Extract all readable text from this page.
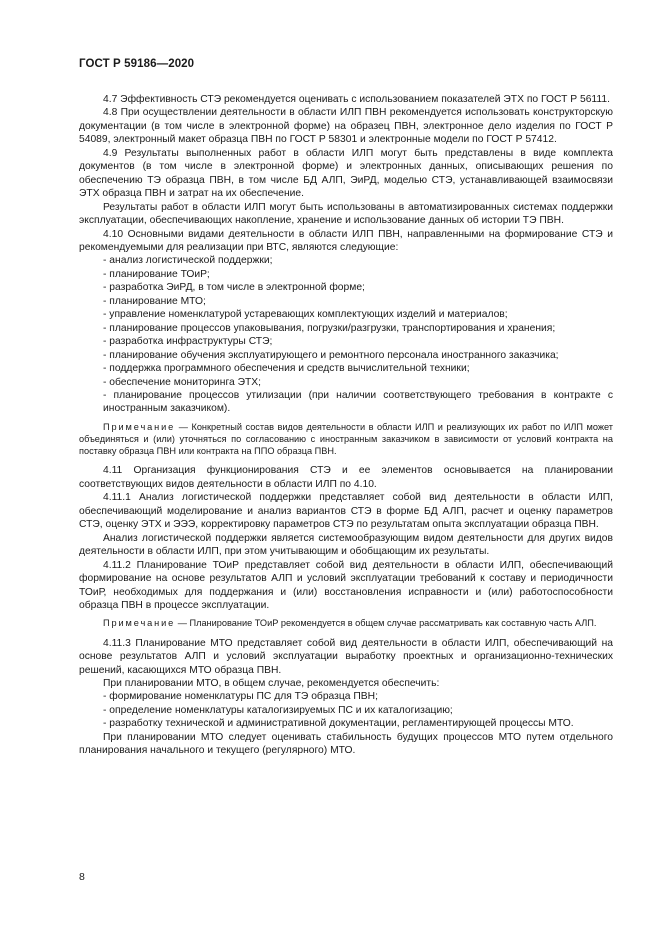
ГОСТ Р 59186—2020

4.7 Эффективность СТЭ рекомендуется оценивать с использованием показателей ЭТХ по ГОСТ Р 56111.

4.8 При осуществлении деятельности в области ИЛП ПВН рекомендуется использовать конструкторскую документации (в том числе в электронной форме) на образец ПВН, электронное дело изделия по ГОСТ Р 54089, электронный макет образца ПВН по ГОСТ Р 58301 и электронные модели по ГОСТ Р 57412.

4.9 Результаты выполненных работ в области ИЛП могут быть представлены в виде комплекта документов (в том числе в электронной форме) и электронных данных, описывающих решения по обеспечению ТЭ образца ПВН, в том числе БД АЛП, ЭиРД, моделью СТЭ, устанавливающей взаимосвязи ЭТХ образца ПВН и затрат на их обеспечение.

Результаты работ в области ИЛП могут быть использованы в автоматизированных системах поддержки эксплуатации, обеспечивающих накопление, хранение и использование данных об истории ТЭ ПВН.

4.10 Основными видами деятельности в области ИЛП ПВН, направленными на формирование СТЭ и рекомендуемыми для реализации при ВТС, являются следующие:

- анализ логистической поддержки;

- планирование ТОиР;

- разработка ЭиРД, в том числе в электронной форме;

- планирование МТО;

- управление номенклатурой устаревающих комплектующих изделий и материалов;

- планирование процессов упаковывания, погрузки/разгрузки, транспортирования и хранения;

- разработка инфраструктуры СТЭ;

- планирование обучения эксплуатирующего и ремонтного персонала иностранного заказчика;

- поддержка программного обеспечения и средств вычислительной техники;

- обеспечение мониторинга ЭТХ;

- планирование процессов утилизации (при наличии соответствующего требования в контракте с иностранным заказчиком).

Примечание — Конкретный состав видов деятельности в области ИЛП и реализующих их работ по ИЛП может объединяться и (или) уточняться по согласованию с иностранным заказчиком в зависимости от условий контракта на поставку образца ПВН или контракта на ППО образца ПВН.

4.11 Организация функционирования СТЭ и ее элементов основывается на планировании соответствующих видов деятельности в области ИЛП по 4.10.

4.11.1 Анализ логистической поддержки представляет собой вид деятельности в области ИЛП, обеспечивающий моделирование и анализ вариантов СТЭ в форме БД АЛП, расчет и оценку параметров СТЭ, оценку ЭТХ и ЭЭЭ, корректировку параметров СТЭ по результатам опыта эксплуатации образца ПВН.

Анализ логистической поддержки является системообразующим видом деятельности для других видов деятельности в области ИЛП, при этом учитывающим и обобщающим их результаты.

4.11.2 Планирование ТОиР представляет собой вид деятельности в области ИЛП, обеспечивающий формирование на основе результатов АЛП и условий эксплуатации требований к составу и периодичности ТОиР, необходимых для поддержания и (или) восстановления исправности и (или) работоспособности образца ПВН в процессе эксплуатации.

Примечание — Планирование ТОиР рекомендуется в общем случае рассматривать как составную часть АЛП.

4.11.3 Планирование МТО представляет собой вид деятельности в области ИЛП, обеспечивающий на основе результатов АЛП и условий эксплуатации выработку проектных и организационно-технических решений, касающихся МТО образца ПВН.

При планировании МТО, в общем случае, рекомендуется обеспечить:

- формирование номенклатуры ПС для ТЭ образца ПВН;

- определение номенклатуры каталогизируемых ПС и их каталогизацию;

- разработку технической и административной документации, регламентирующей процессы МТО.

При планировании МТО следует оценивать стабильность будущих процессов МТО путем отдельного планирования начального и текущего (регулярного) МТО.

8
